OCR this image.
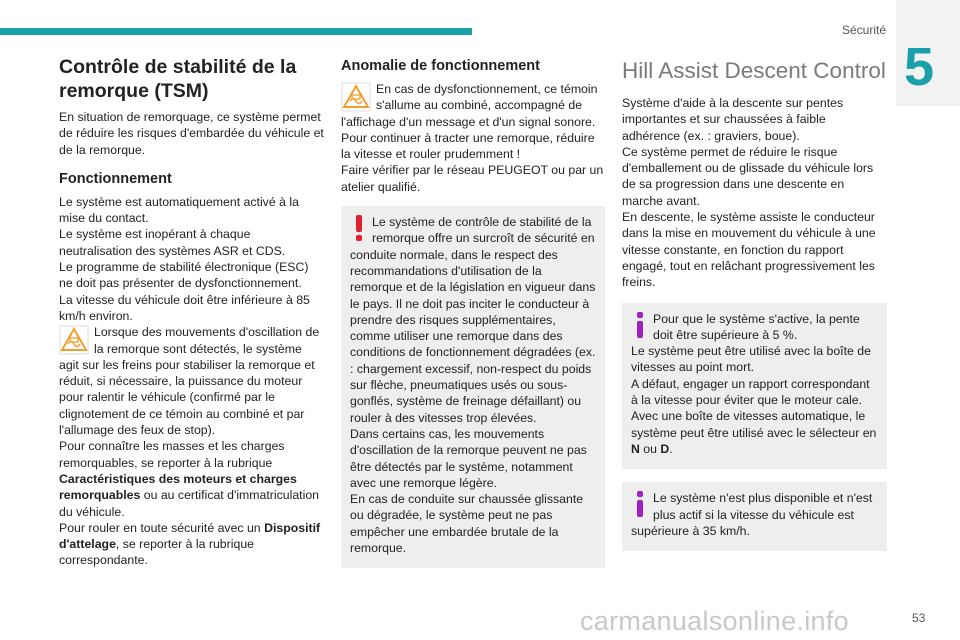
Sécurité
5
Contrôle de stabilité de la remorque (TSM)

En situation de remorquage, ce système permet de réduire les risques d'embardée du véhicule et de la remorque.

Fonctionnement

Le système est automatiquement activé à la mise du contact.

Le système est inopérant à chaque neutralisation des systèmes ASR et CDS.

Le programme de stabilité électronique (ESC) ne doit pas présenter de dysfonctionnement.

La vitesse du véhicule doit être inférieure à 85 km/h environ.

Lorsque des mouvements d'oscillation de la remorque sont détectés, le système agit sur les freins pour stabiliser la remorque et réduit, si nécessaire, la puissance du moteur pour ralentir le véhicule (confirmé par le clignotement de ce témoin au combiné et par l'allumage des feux de stop).

Pour connaître les masses et les charges remorquables, se reporter à la rubrique Caractéristiques des moteurs et charges remorquables ou au certificat d'immatriculation du véhicule.

Pour rouler en toute sécurité avec un Dispositif d'attelage, se reporter à la rubrique correspondante.

Anomalie de fonctionnement

En cas de dysfonctionnement, ce témoin s'allume au combiné, accompagné de l'affichage d'un message et d'un signal sonore.

Pour continuer à tracter une remorque, réduire la vitesse et rouler prudemment !

Faire vérifier par le réseau PEUGEOT ou par un atelier qualifié.

Le système de contrôle de stabilité de la remorque offre un surcroît de sécurité en conduite normale, dans le respect des recommandations d'utilisation de la remorque et de la législation en vigueur dans le pays. Il ne doit pas inciter le conducteur à prendre des risques supplémentaires, comme utiliser une remorque dans des conditions de fonctionnement dégradées (ex. : chargement excessif, non-respect du poids sur flèche, pneumatiques usés ou sous-gonflés, système de freinage défaillant) ou rouler à des vitesses trop élevées.

Dans certains cas, les mouvements d'oscillation de la remorque peuvent ne pas être détectés par le système, notamment avec une remorque légère.

En cas de conduite sur chaussée glissante ou dégradée, le système peut ne pas empêcher une embardée brutale de la remorque.

Hill Assist Descent Control

Système d'aide à la descente sur pentes importantes et sur chaussées à faible adhérence (ex. : graviers, boue).

Ce système permet de réduire le risque d'emballement ou de glissade du véhicule lors de sa progression dans une descente en marche avant.

En descente, le système assiste le conducteur dans la mise en mouvement du véhicule à une vitesse constante, en fonction du rapport engagé, tout en relâchant progressivement les freins.

Pour que le système s'active, la pente doit être supérieure à 5 %.

Le système peut être utilisé avec la boîte de vitesses au point mort.

A défaut, engager un rapport correspondant à la vitesse pour éviter que le moteur cale.

Avec une boîte de vitesses automatique, le système peut être utilisé avec le sélecteur en N ou D.

Le système n'est plus disponible et n'est plus actif si la vitesse du véhicule est supérieure à 35 km/h.

carmanualsonline.info	53
